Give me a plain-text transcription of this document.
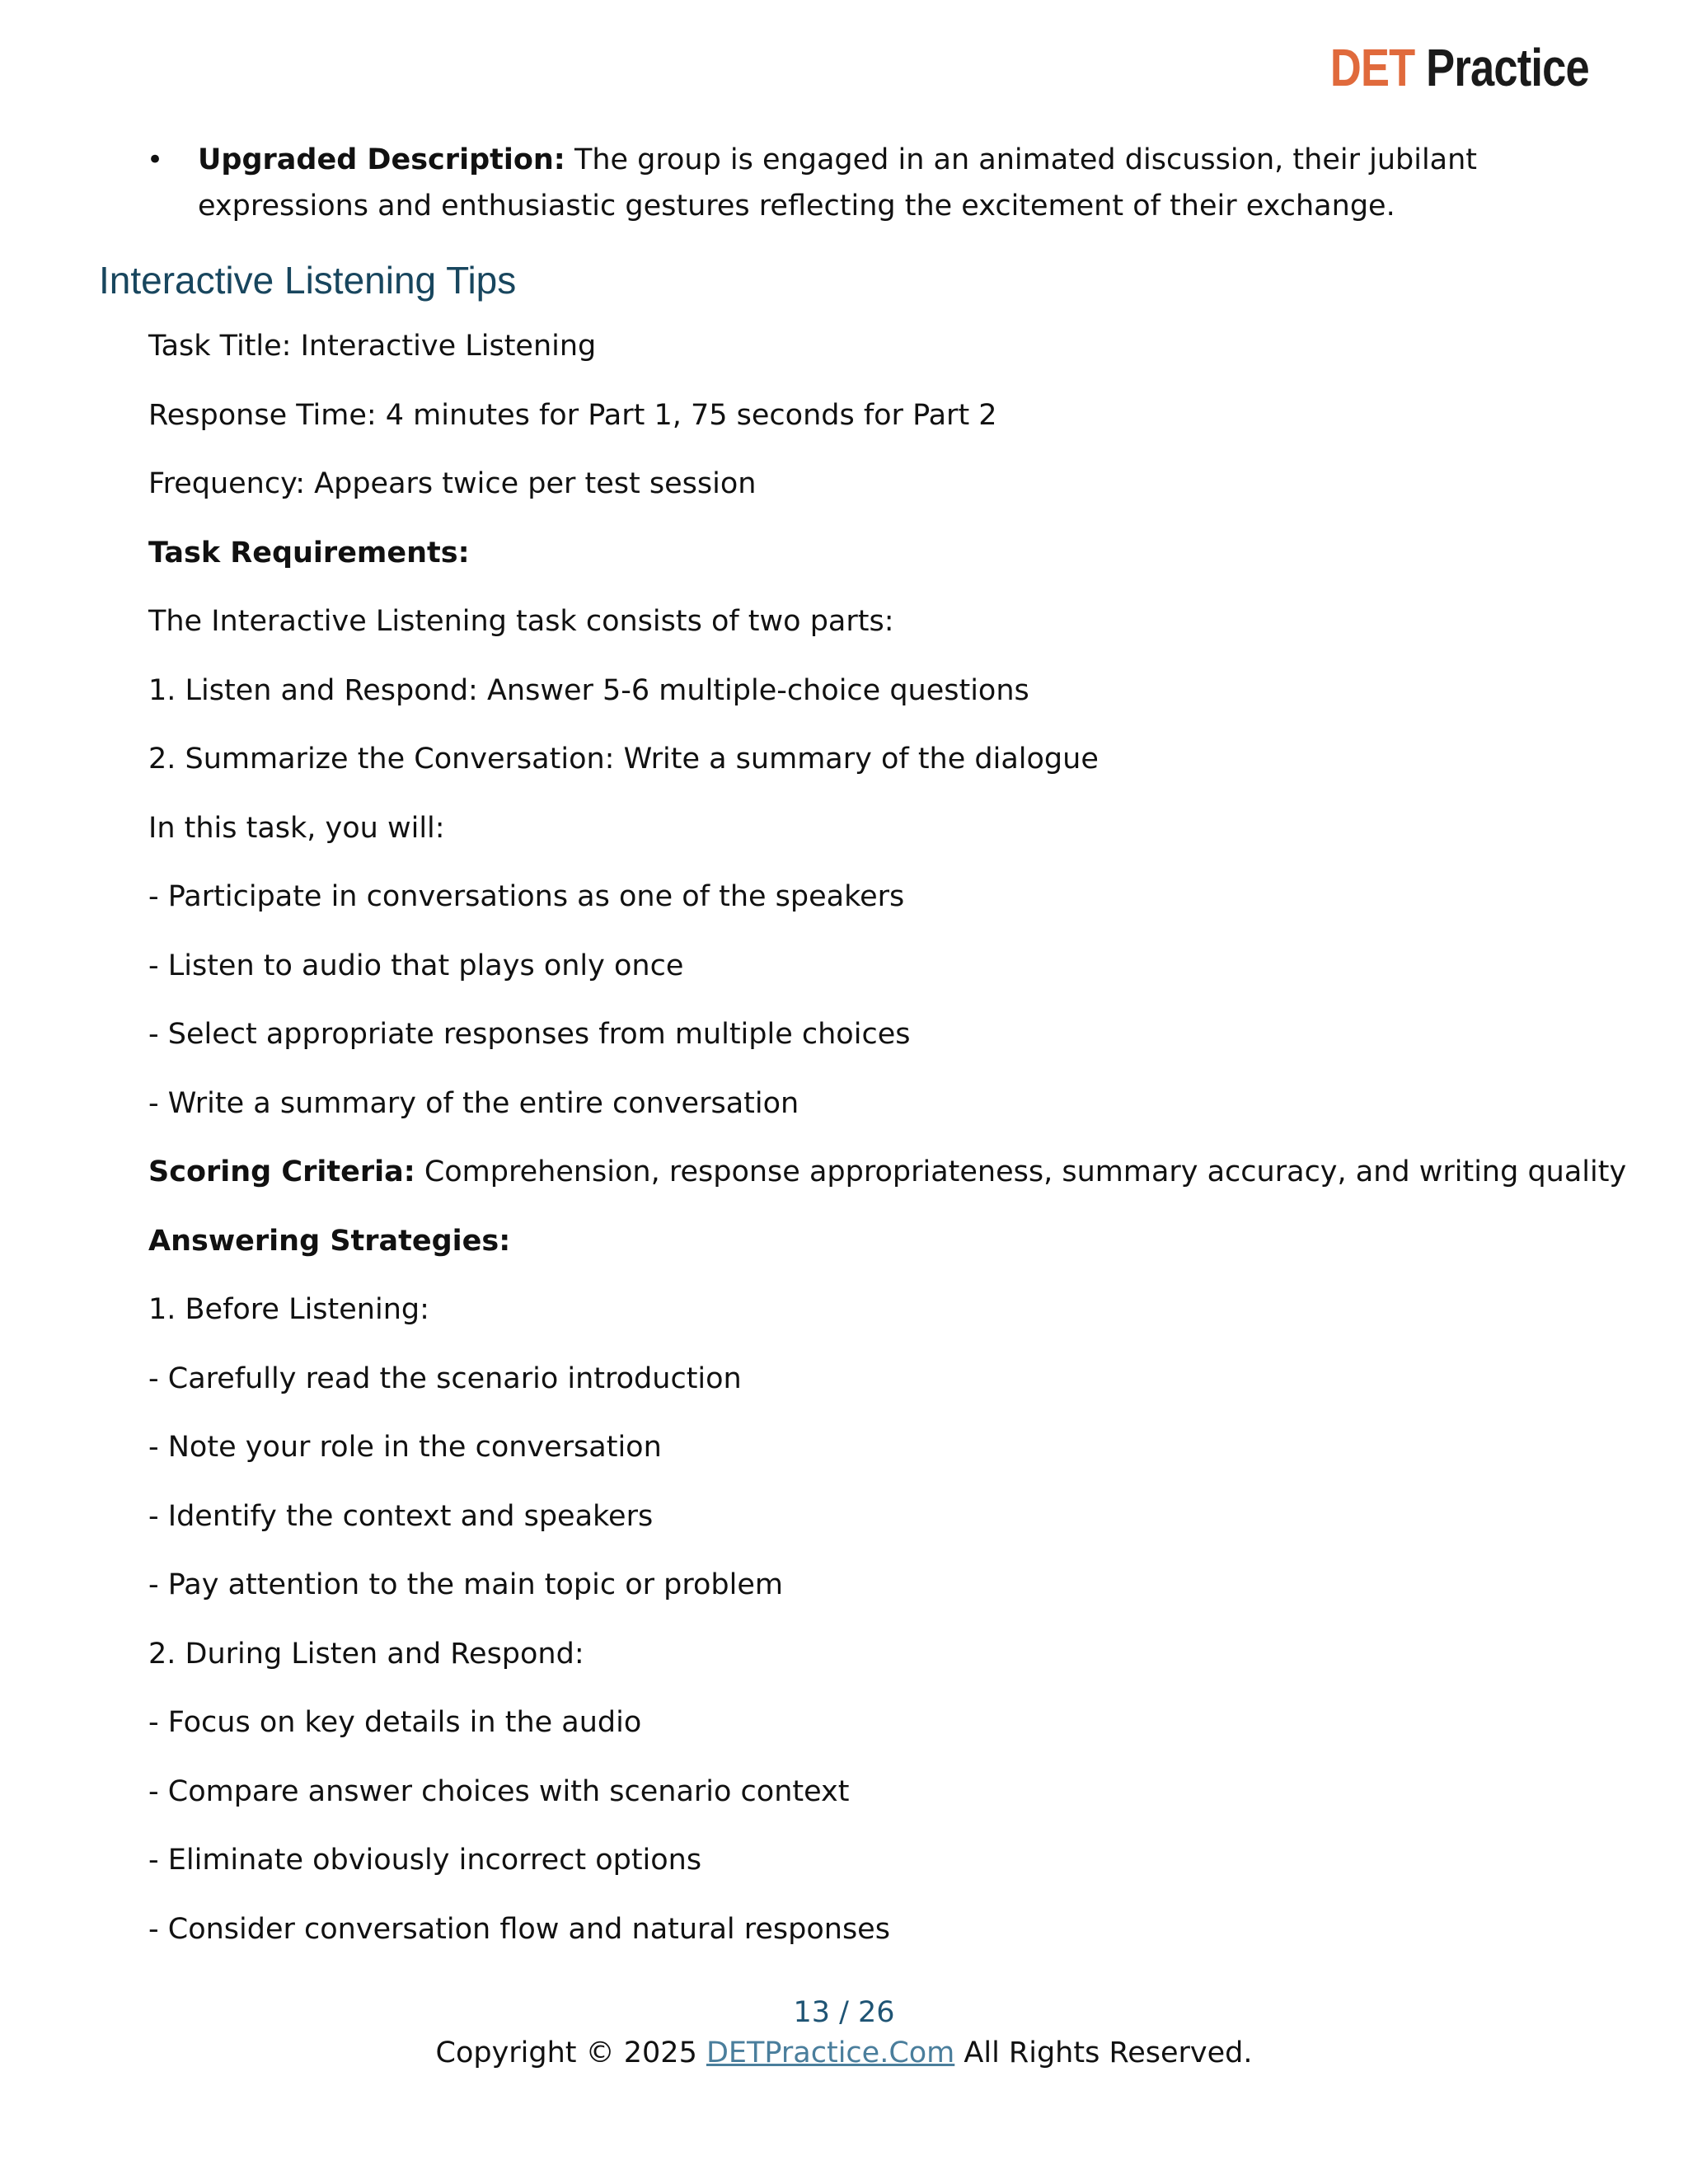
DET Practice
• Upgraded Description: The group is engaged in an animated discussion, their jubilant expressions and enthusiastic gestures reflecting the excitement of their exchange.
Interactive Listening Tips
Task Title: Interactive Listening
Response Time: 4 minutes for Part 1, 75 seconds for Part 2
Frequency: Appears twice per test session
Task Requirements:
The Interactive Listening task consists of two parts:
1. Listen and Respond: Answer 5-6 multiple-choice questions
2. Summarize the Conversation: Write a summary of the dialogue
In this task, you will:
- Participate in conversations as one of the speakers
- Listen to audio that plays only once
- Select appropriate responses from multiple choices
- Write a summary of the entire conversation
Scoring Criteria: Comprehension, response appropriateness, summary accuracy, and writing quality
Answering Strategies:
1. Before Listening:
- Carefully read the scenario introduction
- Note your role in the conversation
- Identify the context and speakers
- Pay attention to the main topic or problem
2. During Listen and Respond:
- Focus on key details in the audio
- Compare answer choices with scenario context
- Eliminate obviously incorrect options
- Consider conversation flow and natural responses
13 / 26
Copyright © 2025 DETPractice.Com All Rights Reserved.
